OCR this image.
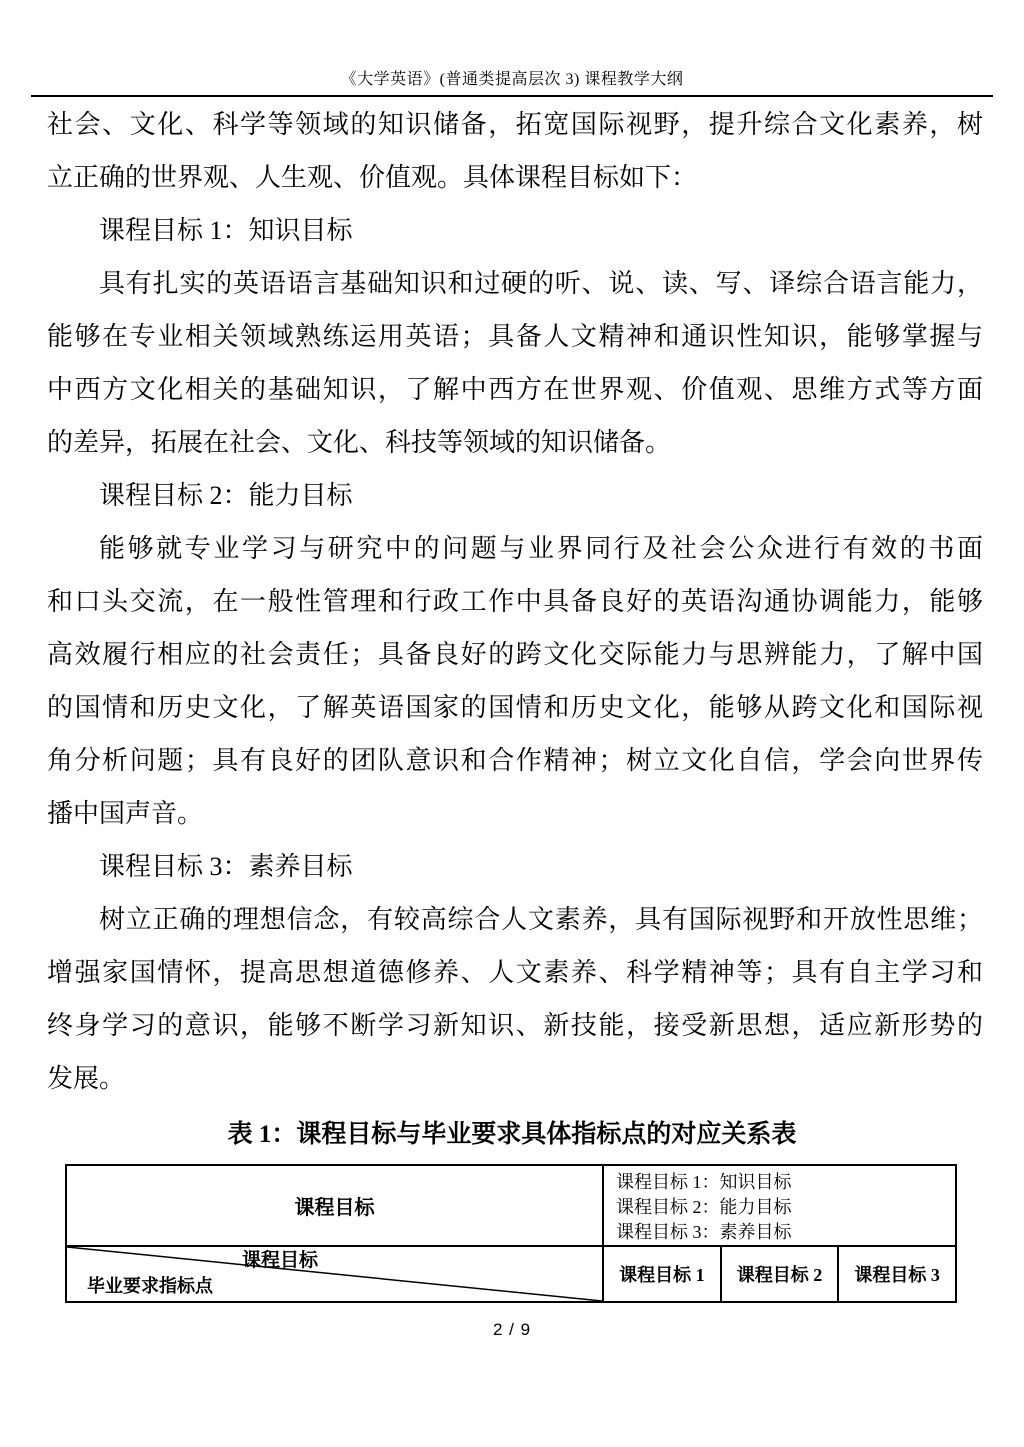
《大学英语》(普通类提高层次 3) 课程教学大纲
社会、文化、科学等领域的知识储备，拓宽国际视野，提升综合文化素养，树
立正确的世界观、人生观、价值观。具体课程目标如下：
课程目标 1：知识目标
具有扎实的英语语言基础知识和过硬的听、说、读、写、译综合语言能力，
能够在专业相关领域熟练运用英语；具备人文精神和通识性知识，能够掌握与
中西方文化相关的基础知识，了解中西方在世界观、价值观、思维方式等方面
的差异，拓展在社会、文化、科技等领域的知识储备。
课程目标 2：能力目标
能够就专业学习与研究中的问题与业界同行及社会公众进行有效的书面
和口头交流，在一般性管理和行政工作中具备良好的英语沟通协调能力，能够
高效履行相应的社会责任；具备良好的跨文化交际能力与思辨能力，了解中国
的国情和历史文化，了解英语国家的国情和历史文化，能够从跨文化和国际视
角分析问题；具有良好的团队意识和合作精神；树立文化自信，学会向世界传
播中国声音。
课程目标 3：素养目标
树立正确的理想信念，有较高综合人文素养，具有国际视野和开放性思维；
增强家国情怀，提高思想道德修养、人文素养、科学精神等；具有自主学习和
终身学习的意识，能够不断学习新知识、新技能，接受新思想，适应新形势的
发展。
表 1：课程目标与毕业要求具体指标点的对应关系表
课程目标
课程目标 1：知识目标
课程目标 2：能力目标
课程目标 3：素养目标
课程目标
毕业要求指标点
课程目标 1	课程目标 2	课程目标 3
2 / 9
